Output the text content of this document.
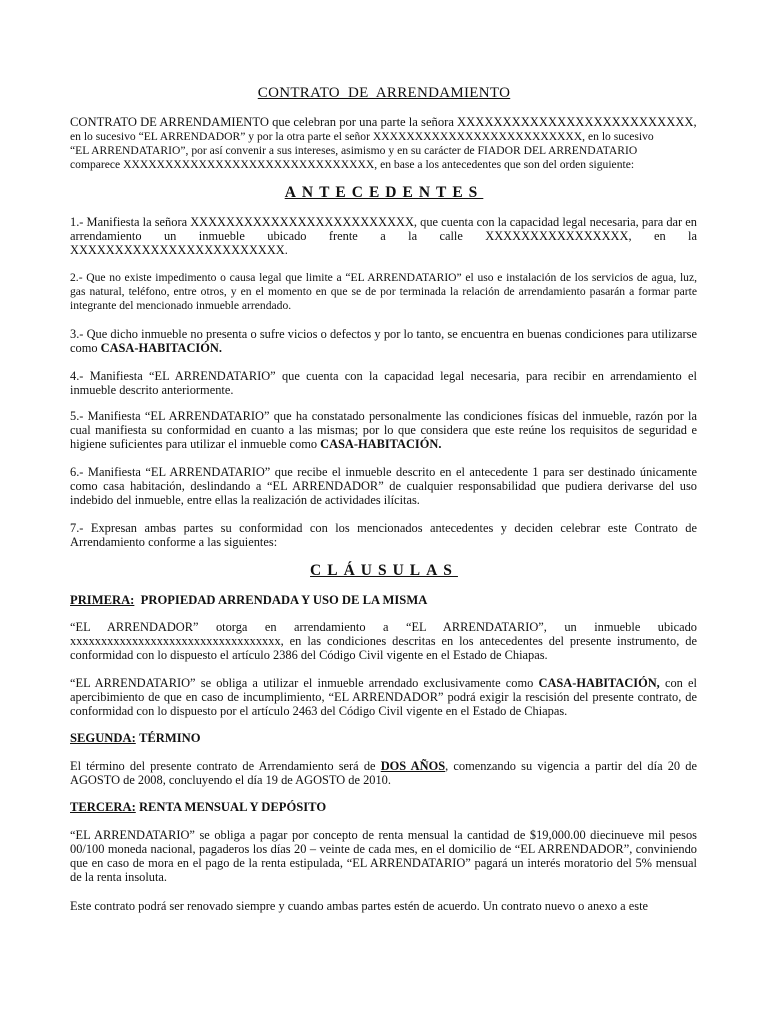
CONTRATO DE ARRENDAMIENTO

CONTRATO DE ARRENDAMIENTO que celebran por una parte la señora XXXXXXXXXXXXXXXXXXXXXXXXXX,
en lo sucesivo “EL ARRENDADOR” y por la otra parte el señor XXXXXXXXXXXXXXXXXXXXXXXXX, en lo sucesivo
“EL ARRENDATARIO”, por así convenir a sus intereses, asimismo y en su carácter de FIADOR DEL ARRENDATARIO
comparece XXXXXXXXXXXXXXXXXXXXXXXXXXXXXX, en base a los antecedentes que son del orden siguiente:

ANTECEDENTES

1.- Manifiesta la señora XXXXXXXXXXXXXXXXXXXXXXXXX, que cuenta con la capacidad legal necesaria, para dar en arrendamiento un inmueble ubicado frente a la calle XXXXXXXXXXXXXXXX, en la XXXXXXXXXXXXXXXXXXXXXXXX.

2.- Que no existe impedimento o causa legal que limite a “EL ARRENDATARIO” el uso e instalación de los servicios de agua, luz, gas natural, teléfono, entre otros, y en el momento en que se de por terminada la relación de arrendamiento pasarán a formar parte integrante del mencionado inmueble arrendado.

3.- Que dicho inmueble no presenta o sufre vicios o defectos y por lo tanto, se encuentra en buenas condiciones para utilizarse como CASA-HABITACIÓN.

4.- Manifiesta “EL ARRENDATARIO” que cuenta con la capacidad legal necesaria, para recibir en arrendamiento el inmueble descrito anteriormente.

5.- Manifiesta “EL ARRENDATARIO” que ha constatado personalmente las condiciones físicas del inmueble, razón por la cual manifiesta su conformidad en cuanto a las mismas; por lo que considera que este reúne los requisitos de seguridad e higiene suficientes para utilizar el inmueble como CASA-HABITACIÓN.

6.- Manifiesta “EL ARRENDATARIO” que recibe el inmueble descrito en el antecedente 1 para ser destinado únicamente como casa habitación, deslindando a “EL ARRENDADOR” de cualquier responsabilidad que pudiera derivarse del uso indebido del inmueble, entre ellas la realización de actividades ilícitas.

7.- Expresan ambas partes su conformidad con los mencionados antecedentes y deciden celebrar este Contrato de Arrendamiento conforme a las siguientes:

CLÁUSULAS

PRIMERA: PROPIEDAD ARRENDADA Y USO DE LA MISMA

“EL ARRENDADOR” otorga en arrendamiento a “EL ARRENDATARIO”, un inmueble ubicado xxxxxxxxxxxxxxxxxxxxxxxxxxxxxxxxxx, en las condiciones descritas en los antecedentes del presente instrumento, de conformidad con lo dispuesto el artículo 2386 del Código Civil vigente en el Estado de Chiapas.

“EL ARRENDATARIO” se obliga a utilizar el inmueble arrendado exclusivamente como CASA-HABITACIÓN, con el apercibimiento de que en caso de incumplimiento, “EL ARRENDADOR” podrá exigir la rescisión del presente contrato, de conformidad con lo dispuesto por el artículo 2463 del Código Civil vigente en el Estado de Chiapas.

SEGUNDA: TÉRMINO

El término del presente contrato de Arrendamiento será de DOS AÑOS, comenzando su vigencia a partir del día 20 de AGOSTO de 2008, concluyendo el día 19 de AGOSTO de 2010.

TERCERA: RENTA MENSUAL Y DEPÓSITO

“EL ARRENDATARIO” se obliga a pagar por concepto de renta mensual la cantidad de $19,000.00 diecinueve mil pesos 00/100 moneda nacional, pagaderos los días 20 – veinte de cada mes, en el domicilio de “EL ARRENDADOR”, conviniendo que en caso de mora en el pago de la renta estipulada, “EL ARRENDATARIO” pagará un interés moratorio del 5% mensual de la renta insoluta.

Este contrato podrá ser renovado siempre y cuando ambas partes estén de acuerdo. Un contrato nuevo o anexo a este
